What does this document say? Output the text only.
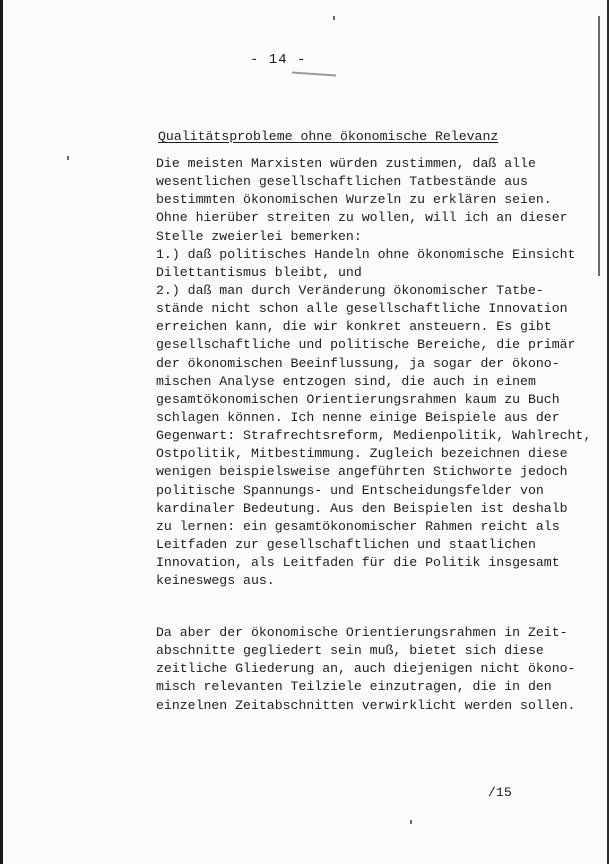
- 14 -
Qualitätsprobleme ohne ökonomische Relevanz
Die meisten Marxisten würden zustimmen, daß alle
wesentlichen gesellschaftlichen Tatbestände aus
bestimmten ökonomischen Wurzeln zu erklären seien.
Ohne hierüber streiten zu wollen, will ich an dieser
Stelle zweierlei bemerken:
1.) daß politisches Handeln ohne ökonomische Einsicht
Dilettantismus bleibt, und
2.) daß man durch Veränderung ökonomischer Tatbe-
stände nicht schon alle gesellschaftliche Innovation
erreichen kann, die wir konkret ansteuern. Es gibt
gesellschaftliche und politische Bereiche, die primär
der ökonomischen Beeinflussung, ja sogar der ökono-
mischen Analyse entzogen sind, die auch in einem
gesamtökonomischen Orientierungsrahmen kaum zu Buch
schlagen können. Ich nenne einige Beispiele aus der
Gegenwart: Strafrechtsreform, Medienpolitik, Wahlrecht,
Ostpolitik, Mitbestimmung. Zugleich bezeichnen diese
wenigen beispielsweise angeführten Stichworte jedoch
politische Spannungs- und Entscheidungsfelder von
kardinaler Bedeutung. Aus den Beispielen ist deshalb
zu lernen: ein gesamtökonomischer Rahmen reicht als
Leitfaden zur gesellschaftlichen und staatlichen
Innovation, als Leitfaden für die Politik insgesamt
keineswegs aus.
Da aber der ökonomische Orientierungsrahmen in Zeit-
abschnitte gegliedert sein muß, bietet sich diese
zeitliche Gliederung an, auch diejenigen nicht ökono-
misch relevanten Teilziele einzutragen, die in den
einzelnen Zeitabschnitten verwirklicht werden sollen.
/15
